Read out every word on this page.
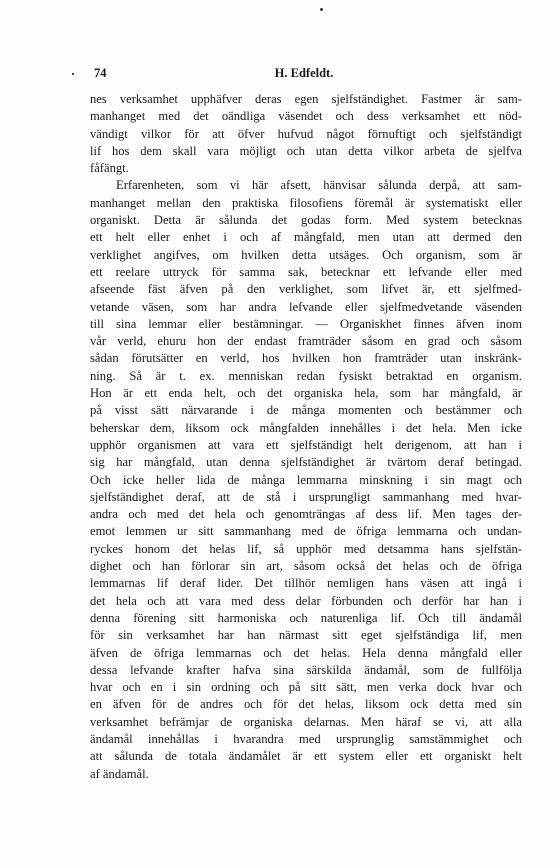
74	H. Edfeldt.
nes verksamhet upphäfver deras egen sjelfständighet. Fastmer är sam-
manhanget med det oändliga väsendet och dess verksamhet ett nöd-
vändigt vilkor för att öfver hufvud något förnuftigt och sjelfständigt
lif hos dem skall vara möjligt och utan detta vilkor arbeta de sjelfva
fåfängt.
Erfarenheten, som vi här afsett, hänvisar sålunda derpå, att sam-
manhanget mellan den praktiska filosofiens föremål är systematiskt eller
organiskt. Detta är sålunda det godas form. Med system betecknas
ett helt eller enhet i och af mångfald, men utan att dermed den
verklighet angifves, om hvilken detta utsäges. Och organism, som är
ett reelare uttryck för samma sak, betecknar ett lefvande eller med
afseende fäst äfven på den verklighet, som lifvet är, ett sjelfmed-
vetande väsen, som har andra lefvande eller sjelfmedvetande väsenden
till sina lemmar eller bestämningar. — Organiskhet finnes äfven inom
vår verld, ehuru hon der endast framträder såsom en grad och såsom
sådan förutsätter en verld, hos hvilken hon framträder utan inskränk-
ning. Så är t. ex. menniskan redan fysiskt betraktad en organism.
Hon är ett enda helt, och det organiska hela, som har mångfald, är
på visst sätt närvarande i de många momenten och bestämmer och
beherskar dem, liksom ock mångfalden innehålles i det hela. Men icke
upphör organismen att vara ett sjelfständigt helt derigenom, att han i
sig har mångfald, utan denna sjelfständighet är tvärtom deraf betingad.
Och icke heller lida de många lemmarna minskning i sin magt och
sjelfständighet deraf, att de stå i ursprungligt sammanhang med hvar-
andra och med det hela och genomträngas af dess lif. Men tages der-
emot lemmen ur sitt sammanhang med de öfriga lemmarna och undan-
ryckes honom det helas lif, så upphör med detsamma hans sjelfstän-
dighet och han förlorar sin art, såsom också det helas och de öfriga
lemmarnas lif deraf lider. Det tillhör nemligen hans väsen att ingå i
det hela och att vara med dess delar förbunden och derför har han i
denna förening sitt harmoniska och naturenliga lif. Och till ändamål
för sin verksamhet har han närmast sitt eget sjelfständiga lif, men
äfven de öfriga lemmarnas och det helas. Hela denna mångfald eller
dessa lefvande krafter hafva sina särskilda ändamål, som de fullfölja
hvar och en i sin ordning och på sitt sätt, men verka dock hvar och
en äfven för de andres och för det helas, liksom ock detta med sin
verksamhet befrämjar de organiska delarnas. Men häraf se vi, att alla
ändamål innehållas i hvarandra med ursprunglig samstämmighet och
att sålunda de totala ändamålet är ett system eller ett organiskt helt
af ändamål.
